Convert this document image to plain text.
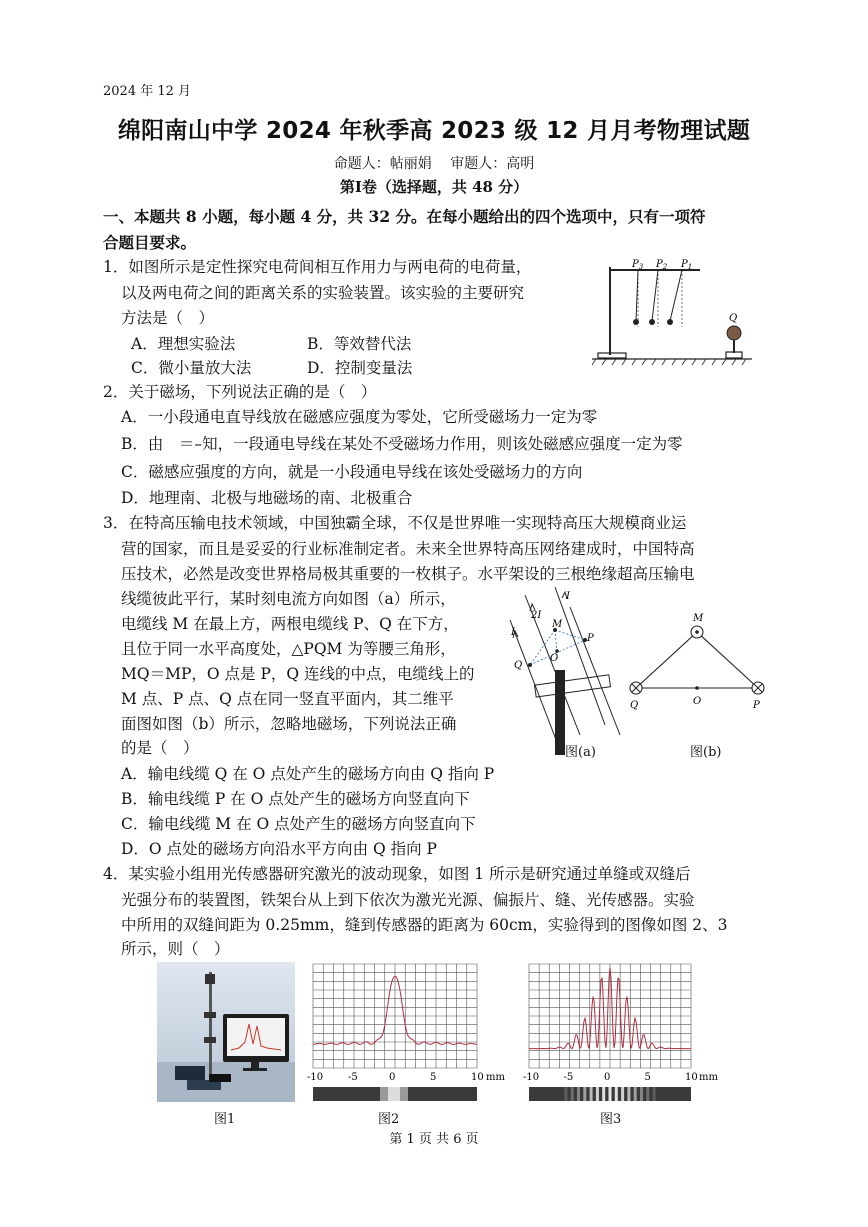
2024 年 12 月
绵阳南山中学 2024 年秋季高 2023 级 12 月月考物理试题
命题人：帖丽娟　 审题人：高明
第Ⅰ卷（选择题，共 48 分）
一、本题共 8 小题，每小题 4 分，共 32 分。在每小题给出的四个选项中，只有一项符
合题目要求。
1．如图所示是定性探究电荷间相互作用力与两电荷的电荷量，
以及两电荷之间的距离关系的实验装置。该实验的主要研究
方法是（　）
A．理想实验法	B．等效替代法
C．微小量放大法	D．控制变量法
$P_3$ $P_2$ $P_1$
Q
2．关于磁场，下列说法正确的是（　）
A．一小段通电直导线放在磁感应强度为零处，它所受磁场力一定为零
B．由　＝–知，一段通电导线在某处不受磁场力作用，则该处磁感应强度一定为零
C．磁感应强度的方向，就是一小段通电导线在该处受磁场力的方向
D．地理南、北极与地磁场的南、北极重合
3．在特高压输电技术领域，中国独霸全球，不仅是世界唯一实现特高压大规模商业运
营的国家，而且是妥妥的行业标准制定者。未来全世界特高压网络建成时，中国特高
压技术，必然是改变世界格局极其重要的一枚棋子。水平架设的三根绝缘超高压输电
线缆彼此平行，某时刻电流方向如图（a）所示，
电缆线 M 在最上方，两根电缆线 P、Q 在下方，
且位于同一水平高度处，△PQM 为等腰三角形，
MQ＝MP，O 点是 P，Q 连线的中点，电缆线上的
M 点、P 点、Q 点在同一竖直平面内，其二维平
面图如图（b）所示，忽略地磁场，下列说法正确
的是（　）
A．输电线缆 Q 在 O 点处产生的磁场方向由 Q 指向 P
B．输电线缆 P 在 O 点处产生的磁场方向竖直向下
C．输电线缆 M 在 O 点处产生的磁场方向竖直向下
D．O 点处的磁场方向沿水平方向由 Q 指向 P
I
2I
I
M
P
Q
O
图(a)
M
Q	O	P
图(b)
4．某实验小组用光传感器研究激光的波动现象，如图 1 所示是研究通过单缝或双缝后
光强分布的装置图，铁架台从上到下依次为激光光源、偏振片、缝、光传感器。实验
中所用的双缝间距为 0.25mm，缝到传感器的距离为 60cm，实验得到的图像如图 2、3
所示，则（　）
图1
-10 -5	0	5	10 mm
图2
-10 -5	0	5	10 mm
图3
第 1 页 共 6 页
